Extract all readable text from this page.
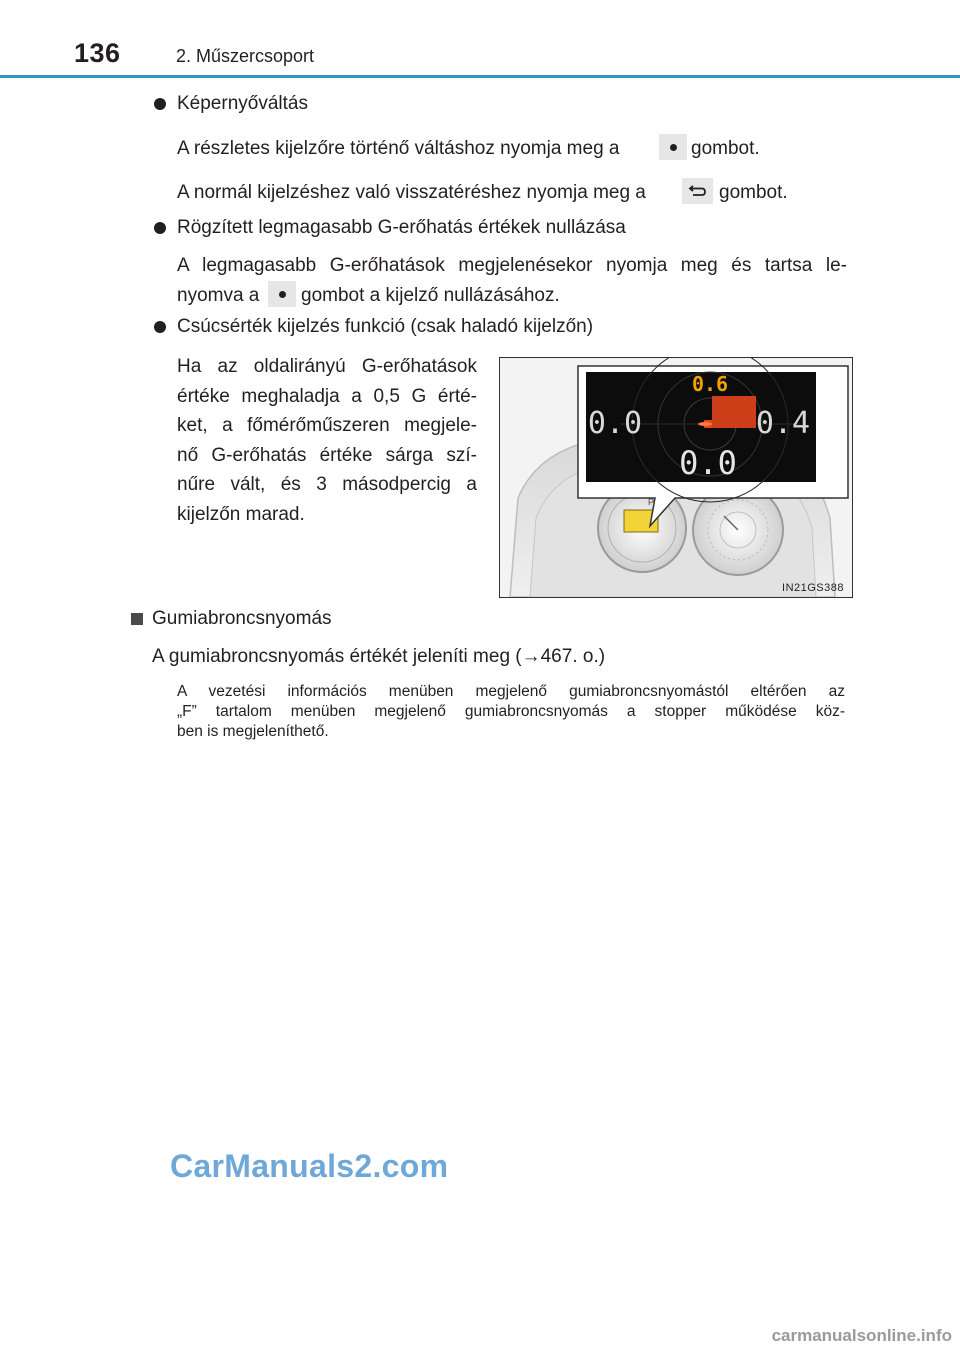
136	2. Műszercsoport
Képernyőváltás
A részletes kijelzőre történő váltáshoz nyomja meg a	gombot.
A normál kijelzéshez való visszatéréshez nyomja meg a	gombot.
Rögzített legmagasabb G-erőhatás értékek nullázása
A legmagasabb G-erőhatások megjelenésekor nyomja meg és tartsa le-
nyomva a gombot a kijelző nullázásához.
Csúcsérték kijelzés funkció (csak haladó kijelzőn)
Ha az oldalirányú G-erőhatások
értéke meghaladja a 0,5 G érté-
ket, a főmérőműszeren megjele-
nő G-erőhatás értéke sárga szí-
nűre vált, és 3 másodpercig a
kijelzőn marad.
P
0.6
0.0	0.4
0.0
IN21GS388
Gumiabroncsnyomás
A gumiabroncsnyomás értékét jeleníti meg (→467. o.)
A vezetési információs menüben megjelenő gumiabroncsnyomástól eltérően az
„F” tartalom menüben megjelenő gumiabroncsnyomás a stopper működése köz-
ben is megjeleníthető.
CarManuals2.com
carmanualsonline.info
